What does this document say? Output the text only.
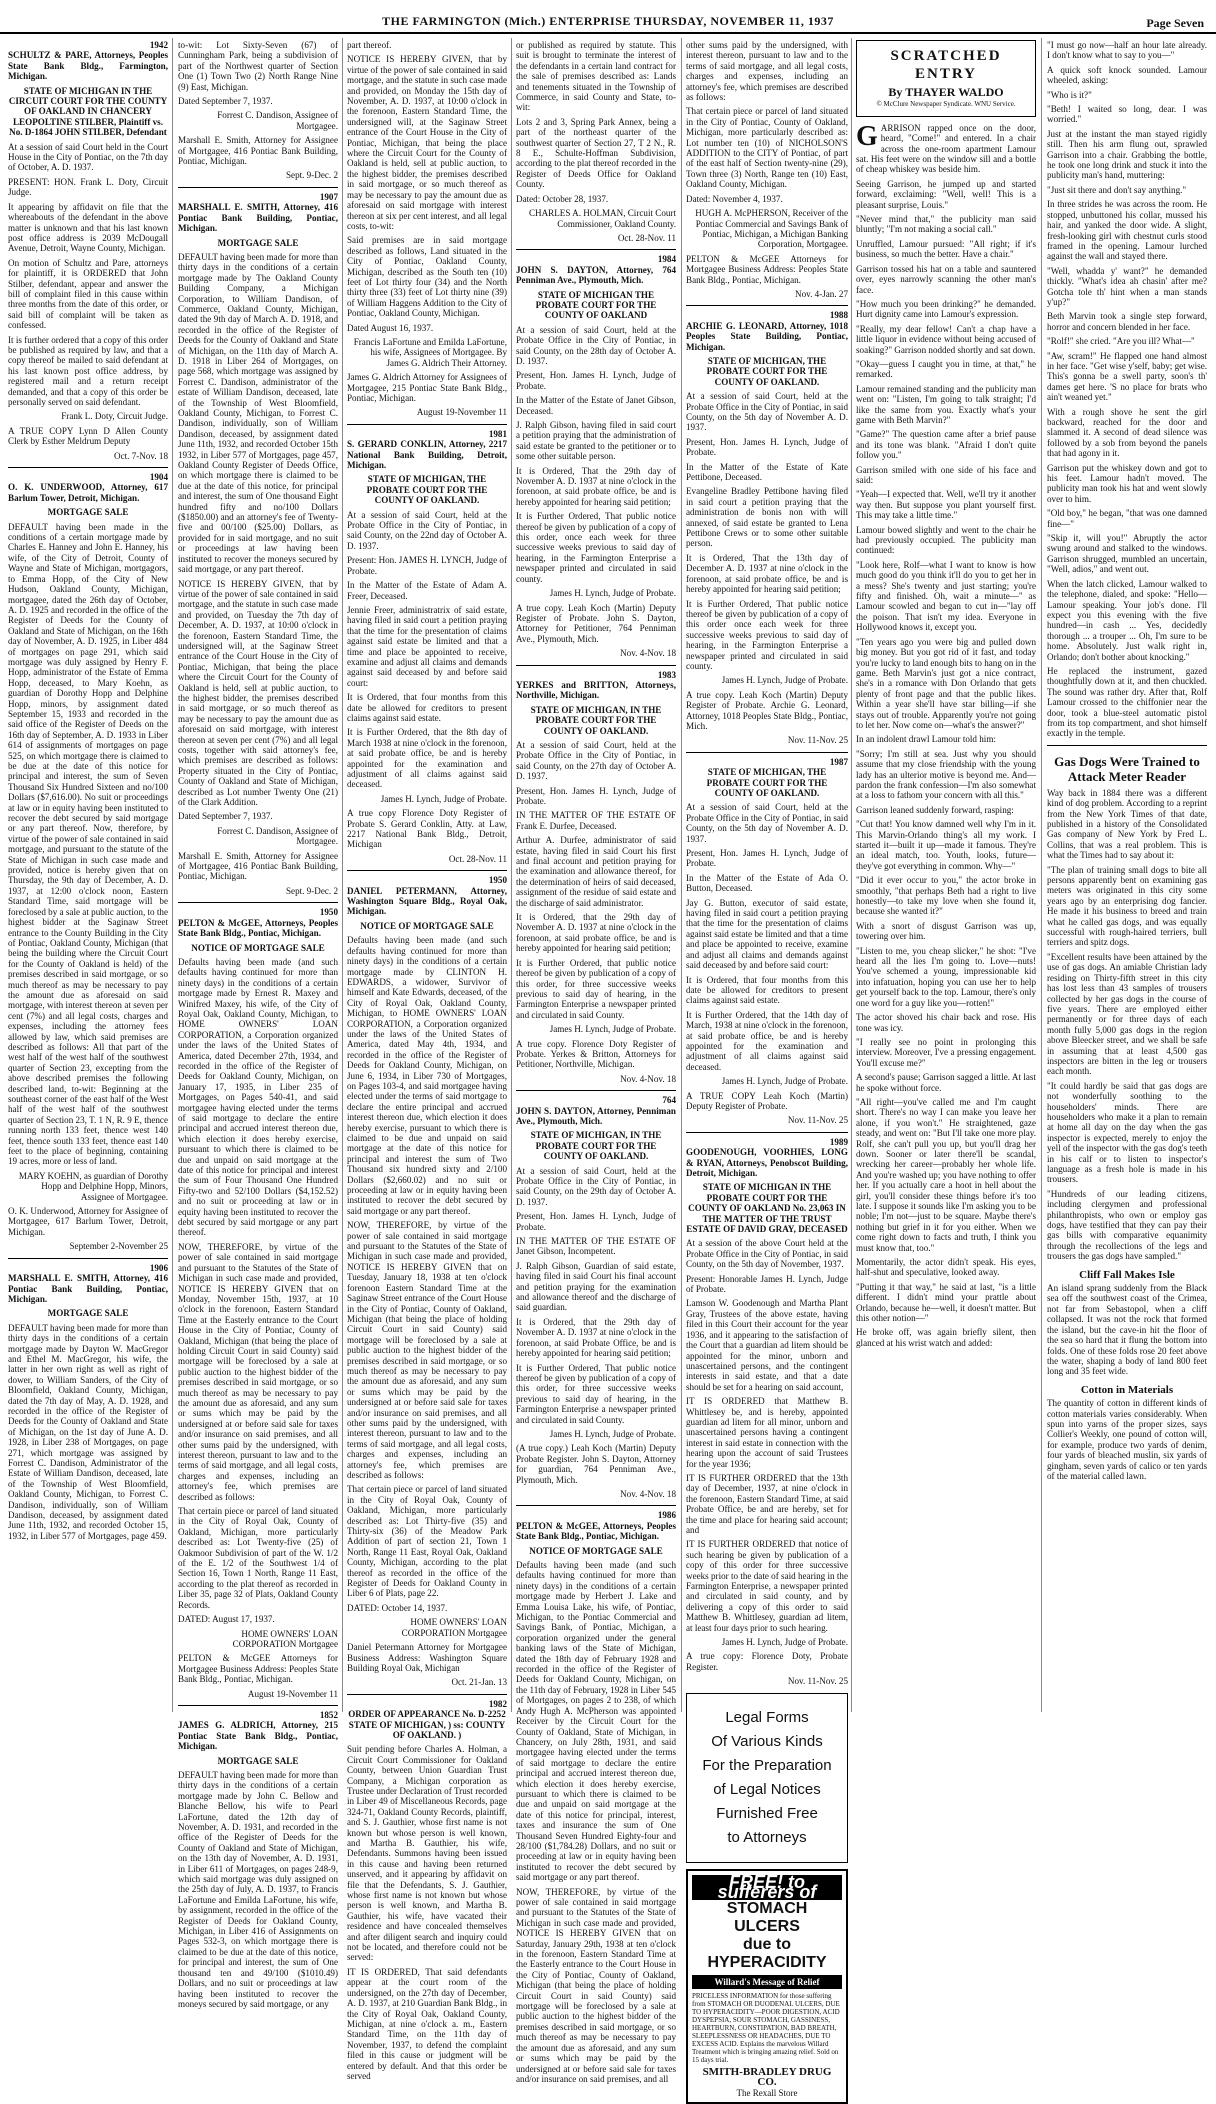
THE FARMINGTON (Mich.) ENTERPRISE THURSDAY, NOVEMBER 11, 1937	Page Seven

1942

SCHULTZ & PARE, Attorneys, Peoples State Bank Bldg., Farmington, Michigan.

STATE OF MICHIGAN IN THE CIRCUIT COURT FOR THE COUNTY OF OAKLAND IN CHANCERY LEOPOLTINE STILBER, Plaintiff vs. No. D-1864 JOHN STILBER, Defendant

At a session of said Court held in the Court House in the City of Pontiac, on the 7th day of October, A. D. 1937.

PRESENT: HON. Frank L. Doty, Circuit Judge.

It appearing by affidavit on file that the whereabouts of the defendant in the above matter is unknown and that his last known post office address is 2039 McDougall Avenue, Detroit, Wayne County, Michigan.

On motion of Schultz and Pare, attorneys for plaintiff, it is ORDERED that John Stilber, defendant, appear and answer the bill of complaint filed in this cause within three months from the date of this order, or said bill of complaint will be taken as confessed.

It is further ordered that a copy of this order be published as required by law, and that a copy thereof be mailed to said defendant at his last known post office address, by registered mail and a return receipt demanded, and that a copy of this order be personally served on said defendant.

Frank L. Doty, Circuit Judge.

A TRUE COPY Lynn D Allen County Clerk by Esther Meldrum Deputy

Oct. 7-Nov. 18

1904

O. K. UNDERWOOD, Attorney, 617 Barlum Tower, Detroit, Michigan.

MORTGAGE SALE

DEFAULT having been made in the conditions of a certain mortgage made by Charles E. Hanney and John E. Hanney, his wife, of the City of Detroit, County of Wayne and State of Michigan, mortgagors, to Emma Hopp, of the City of New Hudson, Oakland County, Michigan, mortgagee, dated the 26th day of October, A. D. 1925 and recorded in the office of the Register of Deeds for the County of Oakland and State of Michigan, on the 16th day of November, A. D. 1925, in Liber 484 of mortgages on page 291, which said mortgage was duly assigned by Henry F. Hopp, administrator of the Estate of Emma Hopp, deceased, to Mary Koehn, as guardian of Dorothy Hopp and Delphine Hopp, minors, by assignment dated September 15, 1933 and recorded in the said office of the Register of Deeds on the 16th day of September, A. D. 1933 in Liber 614 of assignments of mortgages on page 525, on which mortgage there is claimed to be due at the date of this notice for principal and interest, the sum of Seven Thousand Six Hundred Sixteen and no/100 Dollars ($7,616.00). No suit or proceedings at law or in equity having been instituted to recover the debt secured by said mortgage or any part thereof. Now, therefore, by virtue of the power of sale contained in said mortgage, and pursuant to the statute of the State of Michigan in such case made and provided, notice is hereby given that on Thursday, the 9th day of December, A. D. 1937, at 12:00 o'clock noon, Eastern Standard Time, said mortgage will be foreclosed by a sale at public auction, to the highest bidder at the Saginaw Street entrance to the County Building in the City of Pontiac, Oakland County, Michigan (that being the building where the Circuit Court for the County of Oakland is held) of the premises described in said mortgage, or so much thereof as may be necessary to pay the amount due as aforesaid on said mortgage, with interest thereon at seven per cent (7%) and all legal costs, charges and expenses, including the attorney fees allowed by law, which said premises are described as follows: All that part of the west half of the west half of the southwest quarter of Section 23, excepting from the above described premises the following described land, to-wit: Beginning at the southeast corner of the east half of the West half of the west half of the southwest quarter of Section 23, T. 1 N, R. 9 E, thence running north 133 feet, thence west 140 feet, thence south 133 feet, thence east 140 feet to the place of beginning, containing 19 acres, more or less of land.

MARY KOEHN, as guardian of Dorothy Hopp and Delphine Hopp, Minors, Assignee of Mortgagee.

O. K. Underwood, Attorney for Assignee of Mortgagee, 617 Barlum Tower, Detroit, Michigan.

September 2-November 25

1906

MARSHALL E. SMITH, Attorney, 416 Pontiac Bank Building, Pontiac, Michigan.

MORTGAGE SALE

DEFAULT having been made for more than thirty days in the conditions of a certain mortgage made by Dayton W. MacGregor and Ethel M. MacGregor, his wife, the latter in her own right as well as right of dower, to William Sanders, of the City of Bloomfield, Oakland County, Michigan, dated the 7th day of May, A. D. 1928, and recorded in the office of the Register of Deeds for the County of Oakland and State of Michigan, on the 1st day of June A. D. 1928, in Liber 238 of Mortgages, on page 271, which mortgage was assigned by Forrest C. Dandison, Administrator of the Estate of William Dandison, deceased, late of the Township of West Bloomfield, Oakland County, Michigan, to Forrest C. Dandison, individually, son of William Dandison, deceased, by assignment dated June 11th, 1932, and recorded October 15, 1932, in Liber 577 of Mortgages, page 459.

to-wit: Lot Sixty-Seven (67) of Cunningham Park, being a subdivision of part of the Northwest quarter of Section One (1) Town Two (2) North Range Nine (9) East, Michigan.

Dated September 7, 1937.

Forrest C. Dandison, Assignee of Mortgagee.

Marshall E. Smith, Attorney for Assignee of Mortgagee, 416 Pontiac Bank Building, Pontiac, Michigan.

Sept. 9-Dec. 2

1907

MARSHALL E. SMITH, Attorney, 416 Pontiac Bank Building, Pontiac, Michigan.

MORTGAGE SALE

DEFAULT having been made for more than thirty days in the conditions of a certain mortgage made by The Oakland County Building Company, a Michigan Corporation, to William Dandison, of Commerce, Oakland County, Michigan, dated the 9th day of March A. D. 1918, and recorded in the office of the Register of Deeds for the County of Oakland and State of Michigan, on the 11th day of March A. D. 1918 in Liber 264 of Mortgages, on page 568, which mortgage was assigned by Forrest C. Dandison, administrator of the estate of William Dandison, deceased, late of the Township of West Bloomfield, Oakland County, Michigan, to Forrest C. Dandison, individually, son of William Dandison, deceased, by assignment dated June 11th, 1932, and recorded October 15th 1932, in Liber 577 of Mortgages, page 457, Oakland County Register of Deeds Office, on which mortgage there is claimed to be due at the date of this notice, for principal and interest, the sum of One thousand Eight hundred fifty and no/100 Dollars ($1850.00) and an attorney's fee of Twenty-five and 00/100 ($25.00) Dollars, as provided for in said mortgage, and no suit or proceedings at law having been instituted to recover the moneys secured by said mortgage, or any part thereof.

NOTICE IS HEREBY GIVEN, that by virtue of the power of sale contained in said mortgage, and the statute in such case made and provided, on Tuesday the 7th day of December, A. D. 1937, at 10:00 o'clock in the forenoon, Eastern Standard Time, the undersigned will, at the Saginaw Street entrance of the Court House in the City of Pontiac, Michigan, that being the place where the Circuit Court for the County of Oakland is held, sell at public auction, to the highest bidder, the premises described in said mortgage, or so much thereof as may be necessary to pay the amount due as aforesaid on said mortgage, with interest thereon at seven per cent (7%) and all legal costs, together with said attorney's fee, which premises are described as follows: Property situated in the City of Pontiac, County of Oakland and State of Michigan, described as Lot number Twenty One (21) of the Clark Addition.

Dated September 7, 1937.

Forrest C. Dandison, Assignee of Mortgagee.

Marshall E. Smith, Attorney for Assignee of Mortgagee, 416 Pontiac Bank Building, Pontiac, Michigan.

Sept. 9-Dec. 2

1950

PELTON & McGEE, Attorneys, Peoples State Bank Bldg., Pontiac, Michigan.

NOTICE OF MORTGAGE SALE

Defaults having been made (and such defaults having continued for more than ninety days) in the conditions of a certain mortgage made by Ernest R. Maxey and Winifred Maxey, his wife, of the City of Royal Oak, Oakland County, Michigan, to HOME OWNERS' LOAN CORPORATION, a Corporation organized under the laws of the United States of America, dated December 27th, 1934, and recorded in the office of the Register of Deeds for Oakland County, Michigan, on January 17, 1935, in Liber 235 of Mortgages, on Pages 540-41, and said mortgagee having elected under the terms of said mortgage to declare the entire principal and accrued interest thereon due, which election it does hereby exercise, pursuant to which there is claimed to be due and unpaid on said mortgage at the date of this notice for principal and interest the sum of Four Thousand One Hundred Fifty-two and 52/100 Dollars ($4,152.52) and no suit or proceeding at law or in equity having been instituted to recover the debt secured by said mortgage or any part thereof.

NOW, THEREFORE, by virtue of the power of sale contained in said mortgage and pursuant to the Statutes of the State of Michigan in such case made and provided, NOTICE IS HEREBY GIVEN that on Monday, November 15th, 1937, at 10 o'clock in the forenoon, Eastern Standard Time at the Easterly entrance to the Court House in the City of Pontiac, County of Oakland, Michigan (that being the place of holding Circuit Court in said County) said mortgage will be foreclosed by a sale at public auction to the highest bidder of the premises described in said mortgage, or so much thereof as may be necessary to pay the amount due as aforesaid, and any sum or sums which may be paid by the undersigned at or before said sale for taxes and/or insurance on said premises, and all other sums paid by the undersigned, with interest thereon, pursuant to law and to the terms of said mortgage, and all legal costs, charges and expenses, including an attorney's fee, which premises are described as follows:

That certain piece or parcel of land situated in the City of Royal Oak, County of Oakland, Michigan, more particularly described as: Lot Twenty-five (25) of Oakmoor Subdivision of part of the W. 1/2 of the E. 1/2 of the Southwest 1/4 of Section 16, Town 1 North, Range 11 East, according to the plat thereof as recorded in Liber 35, page 32 of Plats, Oakland County Records.

DATED: August 17, 1937.

HOME OWNERS' LOAN CORPORATION Mortgagee

PELTON & McGEE Attorneys for Mortgagee Business Address: Peoples State Bank Bldg., Pontiac, Michigan.

August 19-November 11

1852

JAMES G. ALDRICH, Attorney, 215 Pontiac State Bank Bldg., Pontiac, Michigan.

MORTGAGE SALE

DEFAULT having been made for more than thirty days in the conditions of a certain mortgage made by John C. Bellow and Blanche Bellow, his wife to Pearl LaFortune, dated the 12th day of November, A. D. 1931, and recorded in the office of the Register of Deeds for the County of Oakland and State of Michigan, on the 13th day of November, A. D. 1931, in Liber 611 of Mortgages, on pages 248-9, which said mortgage was duly assigned on the 25th day of July, A. D. 1937, to Francis LaFortune and Emilda LaFortune, his wife, by assignment, recorded in the office of the Register of Deeds for Oakland County, Michigan, in Liber 416 of Assignments on Pages 532-3, on which mortgage there is claimed to be due at the date of this notice, for principal and interest, the sum of One thousand ten and 49/100 ($1010.49) Dollars, and no suit or proceedings at law having been instituted to recover the moneys secured by said mortgage, or any

part thereof.

NOTICE IS HEREBY GIVEN, that by virtue of the power of sale contained in said mortgage, and the statute in such case made and provided, on Monday the 15th day of November, A. D. 1937, at 10:00 o'clock in the forenoon, Eastern Standard Time, the undersigned will, at the Saginaw Street entrance of the Court House in the City of Pontiac, Michigan, that being the place where the Circuit Court for the County of Oakland is held, sell at public auction, to the highest bidder, the premises described in said mortgage, or so much thereof as may be necessary to pay the amount due as aforesaid on said mortgage with interest thereon at six per cent interest, and all legal costs, to-wit:

Said premises are in said mortgage described as follows, Land situated in the City of Pontiac, Oakland County, Michigan, described as the South ten (10) feet of Lot thirty four (34) and the North thirty three (33) feet of Lot thirty nine (39) of William Haggens Addition to the City of Pontiac, Oakland County, Michigan.

Dated August 16, 1937.

Francis LaFortune and Emilda LaFortune, his wife, Assignees of Mortgagee. By James G. Aldrich Their Attorney.

James G. Aldrich Attorney for Assignees of Mortgagee, 215 Pontiac State Bank Bldg., Pontiac, Michigan.

August 19-November 11

1981

S. GERARD CONKLIN, Attorney, 2217 National Bank Building, Detroit, Michigan.

STATE OF MICHIGAN, THE PROBATE COURT FOR THE COUNTY OF OAKLAND.

At a session of said Court, held at the Probate Office in the City of Pontiac, in said County, on the 22nd day of October A. D. 1937.

Present: Hon. JAMES H. LYNCH, Judge of Probate.

In the Matter of the Estate of Adam A. Freer, Deceased.

Jennie Freer, administratrix of said estate, having filed in said court a petition praying that the time for the presentation of claims against said estate be limited and that a time and place be appointed to receive, examine and adjust all claims and demands against said deceased by and before said court:

It is Ordered, that four months from this date be allowed for creditors to present claims against said estate.

It is Further Ordered, that the 8th day of March 1938 at nine o'clock in the forenoon, at said probate office, be and is hereby appointed for the examination and adjustment of all claims against said deceased.

James H. Lynch, Judge of Probate.

A true copy Florence Doty Register of Probate S. Gerard Conklin, Atty. at Law, 2217 National Bank Bldg., Detroit, Michigan

Oct. 28-Nov. 11

1950

DANIEL PETERMANN, Attorney, Washington Square Bldg., Royal Oak, Michigan.

NOTICE OF MORTGAGE SALE

Defaults having been made (and such defaults having continued for more than ninety days) in the conditions of a certain mortgage made by CLINTON H. EDWARDS, a widower, Survivor of himself and Kate Edwards, deceased, of the City of Royal Oak, Oakland County, Michigan, to HOME OWNERS' LOAN CORPORATION, a Corporation organized under the laws of the United States of America, dated May 4th, 1934, and recorded in the office of the Register of Deeds for Oakland County, Michigan, on June 6, 1934, in Liber 730 of Mortgages, on Pages 103-4, and said mortgagee having elected under the terms of said mortgage to declare the entire principal and accrued interest thereon due, which election it does hereby exercise, pursuant to which there is claimed to be due and unpaid on said mortgage at the date of this notice for principal and interest the sum of Two Thousand six hundred sixty and 2/100 Dollars ($2,660.02) and no suit or proceeding at law or in equity having been instituted to recover the debt secured by said mortgage or any part thereof.

NOW, THEREFORE, by virtue of the power of sale contained in said mortgage and pursuant to the Statutes of the State of Michigan in such case made and provided, NOTICE IS HEREBY GIVEN that on Tuesday, January 18, 1938 at ten o'clock forenoon Eastern Standard Time at the Saginaw Street entrance of the Court House in the City of Pontiac, County of Oakland, Michigan (that being the place of holding Circuit Court in said County) said mortgage will be foreclosed by a sale at public auction to the highest bidder of the premises described in said mortgage, or so much thereof as may be necessary to pay the amount due as aforesaid, and any sum or sums which may be paid by the undersigned at or before said sale for taxes and/or insurance on said premises, and all other sums paid by the undersigned, with interest thereon, pursuant to law and to the terms of said mortgage, and all legal costs, charges and expenses, including an attorney's fee, which premises are described as follows:

That certain piece or parcel of land situated in the City of Royal Oak, County of Oakland, Michigan, more particularly described as: Lot Thirty-five (35) and Thirty-six (36) of the Meadow Park Addition of part of section 21, Town 1 North, Range 11 East, Royal Oak, Oakland County, Michigan, according to the plat thereof as recorded in the office of the Register of Deeds for Oakland County in Liber 6 of Plats, page 22.

DATED: October 14, 1937.

HOME OWNERS' LOAN CORPORATION Mortgagee

Daniel Petermann Attorney for Mortgagee Business Address: Washington Square Building Royal Oak, Michigan

Oct. 21-Jan. 13

1982

ORDER OF APPEARANCE No. D-2252 STATE OF MICHIGAN, ) ss: COUNTY OF OAKLAND. )

Suit pending before Charles A. Holman, a Circuit Court Commissioner for Oakland County, between Union Guardian Trust Company, a Michigan corporation as Trustee under Declaration of Trust recorded in Liber 49 of Miscellaneous Records, page 324-71, Oakland County Records, plaintiff, and S. J. Gauthier, whose first name is not known but whose person is well known, and Martha B. Gauthier, his wife, Defendants. Summons having been issued in this cause and having been returned unserved, and it appearing by affidavit on file that the Defendants, S. J. Gauthier, whose first name is not known but whose person is well known, and Martha B. Gauthier, his wife, have vacated their residence and have concealed themselves and after diligent search and inquiry could not be located, and therefore could not be served:

IT IS ORDERED, That said defendants appear at the court room of the undersigned, on the 27th day of December, A. D. 1937, at 210 Guardian Bank Bldg., in the City of Royal Oak, Oakland County, Michigan, at nine o'clock a. m., Eastern Standard Time, on the 11th day of November, 1937, to defend the complaint filed in this cause or judgment will be entered by default. And that this order be served

or published as required by statute. This suit is brought to terminate the interest of the defendants in a certain land contract for the sale of premises described as: Lands and tenements situated in the Township of Commerce, in said County and State, to-wit:

Lots 2 and 3, Spring Park Annex, being a part of the northeast quarter of the southwest quarter of Section 27, T 2 N., R. 8 E., Schulte-Hoffman Subdivision, according to the plat thereof recorded in the Register of Deeds Office for Oakland County.

Dated: October 28, 1937.

CHARLES A. HOLMAN, Circuit Court Commissioner, Oakland County.

Oct. 28-Nov. 11

1984

JOHN S. DAYTON, Attorney, 764 Penniman Ave., Plymouth, Mich.

STATE OF MICHIGAN THE PROBATE COURT FOR THE COUNTY OF OAKLAND

At a session of said Court, held at the Probate Office in the City of Pontiac, in said County, on the 28th day of October A. D. 1937.

Present, Hon. James H. Lynch, Judge of Probate.

In the Matter of the Estate of Janet Gibson, Deceased.

J. Ralph Gibson, having filed in said court a petition praying that the administration of said estate be granted to the petitioner or to some other suitable person.

It is Ordered, That the 29th day of November A. D. 1937 at nine o'clock in the forenoon, at said probate office, be and is hereby appointed for hearing said petition;

It is Further Ordered, That public notice thereof be given by publication of a copy of this order, once each week for three successive weeks previous to said day of hearing, in the Farmington Enterprise a newspaper printed and circulated in said county.

James H. Lynch, Judge of Probate.

A true copy. Leah Koch (Martin) Deputy Register of Probate. John S. Dayton, Attorney for Petitioner, 764 Penniman Ave., Plymouth, Mich.

Nov. 4-Nov. 18

1983

YERKES and BRITTON, Attorneys, Northville, Michigan.

STATE OF MICHIGAN, IN THE PROBATE COURT FOR THE COUNTY OF OAKLAND.

At a session of said Court, held at the Probate Office in the City of Pontiac, in said County, on the 27th day of October A. D. 1937.

Present, Hon. James H. Lynch, Judge of Probate.

IN THE MATTER OF THE ESTATE OF Frank E. Durfee, Deceased.

Arthur A. Durfee, administrator of said estate, having filed in said Court his first and final account and petition praying for the examination and allowance thereof, for the determination of heirs of said deceased, assignment of the residue of said estate and the discharge of said administrator.

It is Ordered, that the 29th day of November A. D. 1937 at nine o'clock in the forenoon, at said probate office, be and is hereby appointed for hearing said petition;

It is Further Ordered, that public notice thereof be given by publication of a copy of this order, for three successive weeks previous to said day of hearing, in the Farmington Enterprise a newspaper printed and circulated in said County.

James H. Lynch, Judge of Probate.

A true copy. Florence Doty Register of Probate. Yerkes & Britton, Attorneys for Petitioner, Northville, Michigan.

Nov. 4-Nov. 18

764

JOHN S. DAYTON, Attorney, Penniman Ave., Plymouth, Mich.

STATE OF MICHIGAN, IN THE PROBATE COURT FOR THE COUNTY OF OAKLAND.

At a session of said Court, held at the Probate Office in the City of Pontiac, in said County, on the 29th day of October A. D. 1937.

Present, Hon. James H. Lynch, Judge of Probate.

IN THE MATTER OF THE ESTATE OF Janet Gibson, Incompetent.

J. Ralph Gibson, Guardian of said estate, having filed in said Court his final account and petition praying for the examination and allowance thereof and the discharge of said guardian.

It is Ordered, that the 29th day of November A. D. 1937 at nine o'clock in the forenoon, at said Probate Office, be and is hereby appointed for hearing said petition;

It is Further Ordered, That public notice thereof be given by publication of a copy of this order, for three successive weeks previous to said day of hearing, in the Farmington Enterprise a newspaper printed and circulated in said County.

James H. Lynch, Judge of Probate.

(A true copy.) Leah Koch (Martin) Deputy Probate Register. John S. Dayton, Attorney for guardian, 764 Penniman Ave., Plymouth, Mich.

Nov. 4-Nov. 18

1986

PELTON & McGEE, Attorneys, Peoples State Bank Bldg., Pontiac, Michigan.

NOTICE OF MORTGAGE SALE

Defaults having been made (and such defaults having continued for more than ninety days) in the conditions of a certain mortgage made by Herbert J. Lake and Emma Louisa Lake, his wife, of Pontiac, Michigan, to the Pontiac Commercial and Savings Bank, of Pontiac, Michigan, a corporation organized under the general banking laws of the State of Michigan, dated the 18th day of February 1928 and recorded in the office of the Register of Deeds for Oakland County, Michigan, on the 11th day of February, 1928 in Liber 545 of Mortgages, on pages 2 to 238, of which Andy Hugh A. McPherson was appointed Receiver by the Circuit Court for the County of Oakland, State of Michigan, in Chancery, on July 28th, 1931, and said mortgagee having elected under the terms of said mortgage to declare the entire principal and accrued interest thereon due, which election it does hereby exercise, pursuant to which there is claimed to be due and unpaid on said mortgage at the date of this notice for principal, interest, taxes and insurance the sum of One Thousand Seven Hundred Eighty-four and 28/100 ($1,784.28) Dollars, and no suit or proceeding at law or in equity having been instituted to recover the debt secured by said mortgage or any part thereof.

NOW, THEREFORE, by virtue of the power of sale contained in said mortgage and pursuant to the Statutes of the State of Michigan in such case made and provided, NOTICE IS HEREBY GIVEN that on Saturday, January 29th, 1938 at ten o'clock in the forenoon, Eastern Standard Time at the Easterly entrance to the Court House in the City of Pontiac, County of Oakland, Michigan (that being the place of holding Circuit Court in said County) said mortgage will be foreclosed by a sale at public auction to the highest bidder of the premises described in said mortgage, or so much thereof as may be necessary to pay the amount due as aforesaid, and any sum or sums which may be paid by the undersigned at or before said sale for taxes and/or insurance on said premises, and all

other sums paid by the undersigned, with interest thereon, pursuant to law and to the terms of said mortgage, and all legal costs, charges and expenses, including an attorney's fee, which premises are described as follows:

That certain piece or parcel of land situated in the City of Pontiac, County of Oakland, Michigan, more particularly described as: Lot number ten (10) of NICHOLSON'S ADDITION to the CITY of Pontiac, of part of the east half of Section twenty-nine (29), Town three (3) North, Range ten (10) East, Oakland County, Michigan.

Dated: November 4, 1937.

HUGH A. McPHERSON, Receiver of the Pontiac Commercial and Savings Bank of Pontiac, Michigan, a Michigan Banking Corporation, Mortgagee.

PELTON & McGEE Attorneys for Mortgagee Business Address: Peoples State Bank Bldg., Pontiac, Michigan.

Nov. 4-Jan. 27

1988

ARCHIE G. LEONARD, Attorney, 1018 Peoples State Building, Pontiac, Michigan.

STATE OF MICHIGAN, THE PROBATE COURT FOR THE COUNTY OF OAKLAND.

At a session of said Court, held at the Probate Office in the City of Pontiac, in said County, on the 5th day of November A. D. 1937.

Present, Hon. James H. Lynch, Judge of Probate.

In the Matter of the Estate of Kate Pettibone, Deceased.

Evangeline Bradley Pettibone having filed in said court a petition praying that the administration de bonis non with will annexed, of said estate be granted to Lena Pettibone Crews or to some other suitable person.

It is Ordered, That the 13th day of December A. D. 1937 at nine o'clock in the forenoon, at said probate office, be and is hereby appointed for hearing said petition;

It is Further Ordered, That public notice thereof be given by publication of a copy of this order once each week for three successive weeks previous to said day of hearing, in the Farmington Enterprise a newspaper printed and circulated in said county.

James H. Lynch, Judge of Probate.

A true copy. Leah Koch (Martin) Deputy Register of Probate. Archie G. Leonard, Attorney, 1018 Peoples State Bldg., Pontiac, Mich.

Nov. 11-Nov. 25

1987

STATE OF MICHIGAN, THE PROBATE COURT FOR THE COUNTY OF OAKLAND.

At a session of said Court, held at the Probate Office in the City of Pontiac, in said County, on the 5th day of November A. D. 1937.

Present, Hon. James H. Lynch, Judge of Probate.

In the Matter of the Estate of Ada O. Button, Deceased.

Jay G. Button, executor of said estate, having filed in said court a petition praying that the time for the presentation of claims against said estate be limited and that a time and place be appointed to receive, examine and adjust all claims and demands against said deceased by and before said court:

It is Ordered, that four months from this date be allowed for creditors to present claims against said estate.

It is Further Ordered, that the 14th day of March, 1938 at nine o'clock in the forenoon, at said probate office, be and is hereby appointed for the examination and adjustment of all claims against said deceased.

James H. Lynch, Judge of Probate.

A TRUE COPY Leah Koch (Martin) Deputy Register of Probate.

Nov. 11-Nov. 25

1989

GOODENOUGH, VOORHIES, LONG & RYAN, Attorneys, Penobscot Building, Detroit, Michigan.

STATE OF MICHIGAN IN THE PROBATE COURT FOR THE COUNTY OF OAKLAND No. 23,063 IN THE MATTER OF THE TRUST ESTATE OF DAVID GRAY, DECEASED

At a session of the above Court held at the Probate Office in the City of Pontiac, in said County, on the 5th day of November, 1937.

Present: Honorable James H. Lynch, Judge of Probate.

Lamson W. Goodenough and Martha Plant Gray, Trustees of the above estate, having filed in this Court their account for the year 1936, and it appearing to the satisfaction of the Court that a guardian ad litem should be appointed for the minor, unborn and unascertained persons, and the contingent interests in said estate, and that a date should be set for a hearing on said account,

IT IS ORDERED that Matthew B. Whittlesey be, and is hereby, appointed guardian ad litem for all minor, unborn and unascertained persons having a contingent interest in said estate in connection with the hearing upon the account of said Trustees for the year 1936;

IT IS FURTHER ORDERED that the 13th day of December, 1937, at nine o'clock in the forenoon, Eastern Standard Time, at said Probate Office, be and are hereby, set for the time and place for hearing said account; and

IT IS FURTHER ORDERED that notice of such hearing be given by publication of a copy of this order for three successive weeks prior to the date of said hearing in the Farmington Enterprise, a newspaper printed and circulated in said county, and by delivering a copy of this order to said Matthew B. Whittlesey, guardian ad litem, at least four days prior to such hearing.

James H. Lynch, Judge of Probate.

A true copy: Florence Doty, Probate Register.

Nov. 11-Nov. 25

Legal Forms
Of Various Kinds
For the Preparation
of Legal Notices
Furnished Free
to Attorneys
FREE! to sufferers of
STOMACH ULCERS
due to HYPERACIDITY
Willard's Message of Relief
PRICELESS INFORMATION for those suffering from STOMACH OR DUODENAL ULCERS, DUE TO HYPERACIDITY—POOR DIGESTION, ACID DYSPEPSIA, SOUR STOMACH, GASSINESS, HEARTBURN, CONSTIPATION, BAD BREATH, SLEEPLESSNESS OR HEADACHES, DUE TO EXCESS ACID. Explains the marvelous Willard Treatment which is bringing amazing relief. Sold on 15 days trial.
SMITH-BRADLEY DRUG CO.
The Rexall Store
SCRATCHED
ENTRY
By THAYER WALDO
© McClure Newspaper Syndicate. WNU Service.

GARRISON rapped once on the door, heard, "Come!" and entered. In a chair across the one-room apartment Lamour sat. His feet were on the window sill and a bottle of cheap whiskey was beside him.

Seeing Garrison, he jumped up and started forward, exclaiming: "Well, well! This is a pleasant surprise, Louis."

"Never mind that," the publicity man said bluntly; "I'm not making a social call."

Unruffled, Lamour pursued: "All right; if it's business, so much the better. Have a chair."

Garrison tossed his hat on a table and sauntered over, eyes narrowly scanning the other man's face.

"How much you been drinking?" he demanded. Hurt dignity came into Lamour's expression.

"Really, my dear fellow! Can't a chap have a little liquor in evidence without being accused of soaking?" Garrison nodded shortly and sat down.

"Okay—guess I caught you in time, at that," he remarked.

Lamour remained standing and the publicity man went on: "Listen, I'm going to talk straight; I'd like the same from you. Exactly what's your game with Beth Marvin?"

"Game?" The question came after a brief pause and its tone was blank. "Afraid I don't quite follow you."

Garrison smiled with one side of his face and said:

"Yeah—I expected that. Well, we'll try it another way then. But suppose you plant yourself first. This may take a little time."

Lamour bowed slightly and went to the chair he had previously occupied. The publicity man continued:

"Look here, Rolf—what I want to know is how much good do you think it'll do you to get her in a mess? She's twenty and just starting; you're fifty and finished. Oh, wait a minute—" as Lamour scowled and began to cut in—"lay off the poison. That isn't my idea. Everyone in Hollywood knows it, except you.

"Ten years ago you were big and pulled down big money. But you got rid of it fast, and today you're lucky to land enough bits to hang on in the game. Beth Marvin's just got a nice contract, she's in a romance with Don Orlando that gets plenty of front page and that the public likes. Within a year she'll have star billing—if she stays out of trouble. Apparently you're not going to let her. Now come on—what's the answer?"

In an indolent drawl Lamour told him:

"Sorry; I'm still at sea. Just why you should assume that my close friendship with the young lady has an ulterior motive is beyond me. And—pardon the frank confession—I'm also somewhat at a loss to fathom your concern with all this."

Garrison leaned suddenly forward, rasping:

"Cut that! You know damned well why I'm in it. This Marvin-Orlando thing's all my work. I started it—built it up—made it famous. They're an ideal match, too. Youth, looks, future—they've got everything in common. Why—"

"Did it ever occur to you," the actor broke in smoothly, "that perhaps Beth had a right to live honestly—to take my love when she found it, because she wanted it?"

With a snort of disgust Garrison was up, towering over him.

"Listen to me, you cheap slicker," he shot: "I've heard all the lies I'm going to. Love—nuts! You've schemed a young, impressionable kid into infatuation, hoping you can use her to help get yourself back to the top. Lamour, there's only one word for a guy like you—rotten!"

The actor shoved his chair back and rose. His tone was icy.

"I really see no point in prolonging this interview. Moreover, I've a pressing engagement. You'll excuse me?"

A second's pause; Garrison sagged a little. At last he spoke without force.

"All right—you've called me and I'm caught short. There's no way I can make you leave her alone, if you won't." He straightened, gaze steady, and went on: "But I'll take one more play. Rolf, she can't pull you up, but you'll drag her down. Sooner or later there'll be scandal, wrecking her career—probably her whole life. And you're washed up; you have nothing to offer her. If you actually care a hoot in hell about the girl, you'll consider these things before it's too late. I suppose it sounds like I'm asking you to be noble; I'm not—just to be square. Maybe there's nothing but grief in it for you either. When we come right down to facts and truth, I think you must know that, too."

Momentarily, the actor didn't speak. His eyes, half-shut and speculative, looked away.

"Putting it that way," he said at last, "is a little different. I didn't mind your prattle about Orlando, because he—well, it doesn't matter. But this other notion—"

He broke off, was again briefly silent, then glanced at his wrist watch and added:

"I must go now—half an hour late already. I don't know what to say to you—"

A quick soft knock sounded. Lamour wheeled, asking:

"Who is it?"

"Beth! I waited so long, dear. I was worried."

Just at the instant the man stayed rigidly still. Then his arm flung out, sprawled Garrison into a chair. Grabbing the bottle, he took one long drink and stuck it into the publicity man's hand, muttering:

"Just sit there and don't say anything."

In three strides he was across the room. He stopped, unbuttoned his collar, mussed his hair, and yanked the door wide. A slight, fresh-looking girl with chestnut curls stood framed in the opening. Lamour lurched against the wall and stayed there.

"Well, whadda y' want?" he demanded thickly. "What's idea ah chasin' after me? Gotcha tole th' hint when a man stands y'up?"

Beth Marvin took a single step forward, horror and concern blended in her face.

"Rolf!" she cried. "Are you ill? What—"

"Aw, scram!" He flapped one hand almost in her face. "Get wise y'self, baby; get wise. This's gonna be a swell party, soon's th' dames get here. 'S no place for brats who ain't weaned yet."

With a rough shove he sent the girl backward, reached for the door and slammed it. A second of dead silence was followed by a sob from beyond the panels that had agony in it.

Garrison put the whiskey down and got to his feet. Lamour hadn't moved. The publicity man took his hat and went slowly over to him.

"Old boy," he began, "that was one damned fine—"

"Skip it, will you!" Abruptly the actor swung around and stalked to the windows. Garrison shrugged, mumbled an uncertain, "Well, adios," and went out.

When the latch clicked, Lamour walked to the telephone, dialed, and spoke: "Hello—Lamour speaking. Your job's done. I'll expect you this evening with the five hundred—in cash ... Yes, decidedly thorough ... a trouper ... Oh, I'm sure to be home. Absolutely. Just walk right in, Orlando; don't bother about knocking."

He replaced the instrument, gazed thoughtfully down at it, and then chuckled. The sound was rather dry. After that, Rolf Lamour crossed to the chiffonier near the door, took a blue-steel automatic pistol from its top compartment, and shot himself exactly in the temple.

Gas Dogs Were Trained to Attack Meter Reader

Way back in 1884 there was a different kind of dog problem. According to a reprint from the New York Times of that date, published in a history of the Consolidated Gas company of New York by Fred L. Collins, that was a real problem. This is what the Times had to say about it:

"The plan of training small dogs to bite all persons apparently bent on examining gas meters was originated in this city some years ago by an enterprising dog fancier. He made it his business to breed and train what he called gas dogs, and was equally successful with rough-haired terriers, bull terriers and spitz dogs.

"Excellent results have been attained by the use of gas dogs. An amiable Christian lady residing on Thirty-fifth street in this city has lost less than 43 samples of trousers collected by her gas dogs in the course of five years. There are employed either permanently or for three days of each month fully 5,000 gas dogs in the region above Bleecker street, and we shall be safe in assuming that at least 4,500 gas inspectors are bitten in the leg or trousers each month.

"It could hardly be said that gas dogs are not wonderfully soothing to the householders' minds. There are householders who make it a plan to remain at home all day on the day when the gas inspector is expected, merely to enjoy the yell of the inspector with the gas dog's teeth in his calf or to listen to inspector's language as a fresh hole is made in his trousers.

"Hundreds of our leading citizens, including clergymen and professional philanthropists, who own or employ gas dogs, have testified that they can pay their gas bills with comparative equanimity through the recollections of the legs and trousers the gas dogs have sampled."

Cliff Fall Makes Isle

An island sprang suddenly from the Black sea off the southwest coast of the Crimea, not far from Sebastopol, when a cliff collapsed. It was not the rock that formed the island, but the cave-in hit the floor of the sea so hard that it flung the bottom into folds. One of these folds rose 20 feet above the water, shaping a body of land 800 feet long and 35 feet wide.

Cotton in Materials

The quantity of cotton in different kinds of cotton materials varies considerably. When spun into yarns of the proper sizes, says Collier's Weekly, one pound of cotton will, for example, produce two yards of denim, four yards of bleached muslin, six yards of gingham, seven yards of calico or ten yards of the material called lawn.
